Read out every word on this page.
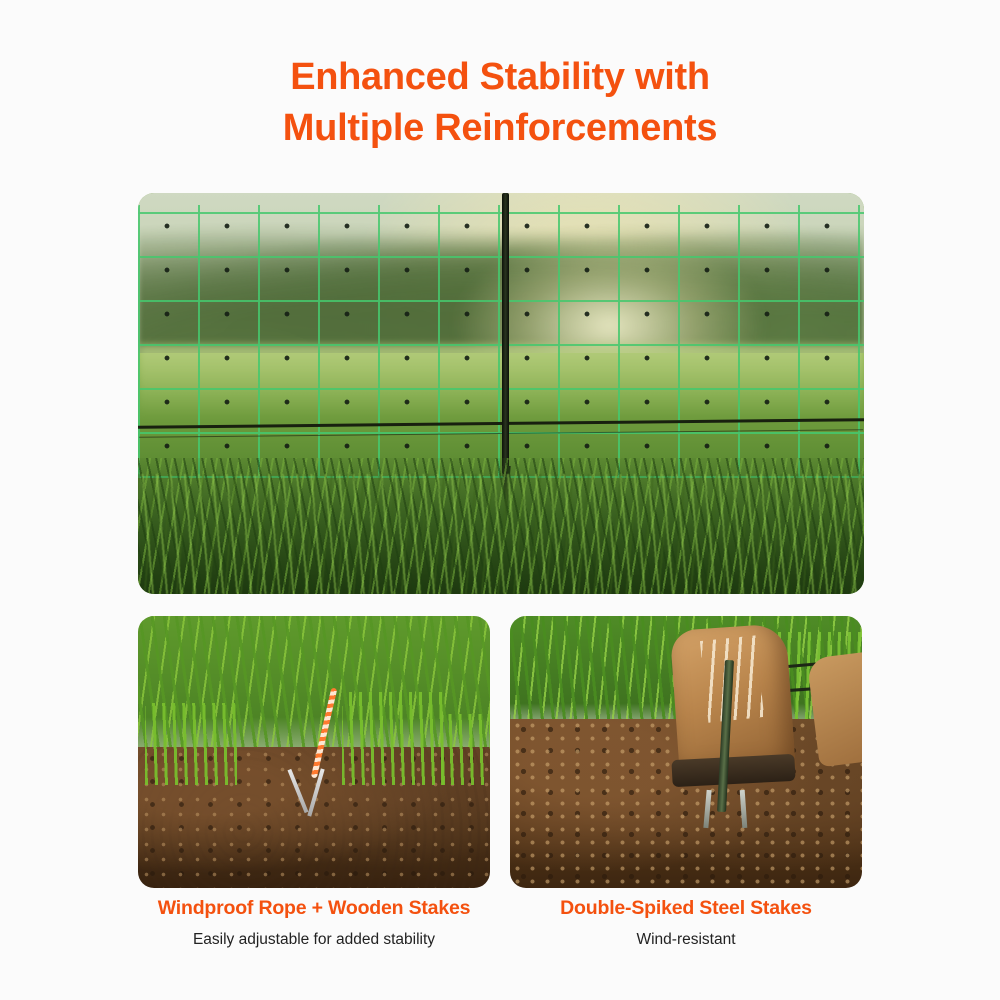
Enhanced Stability with
Multiple Reinforcements
Windproof Rope + Wooden Stakes
Easily adjustable for added stability
Double-Spiked Steel Stakes
Wind-resistant
